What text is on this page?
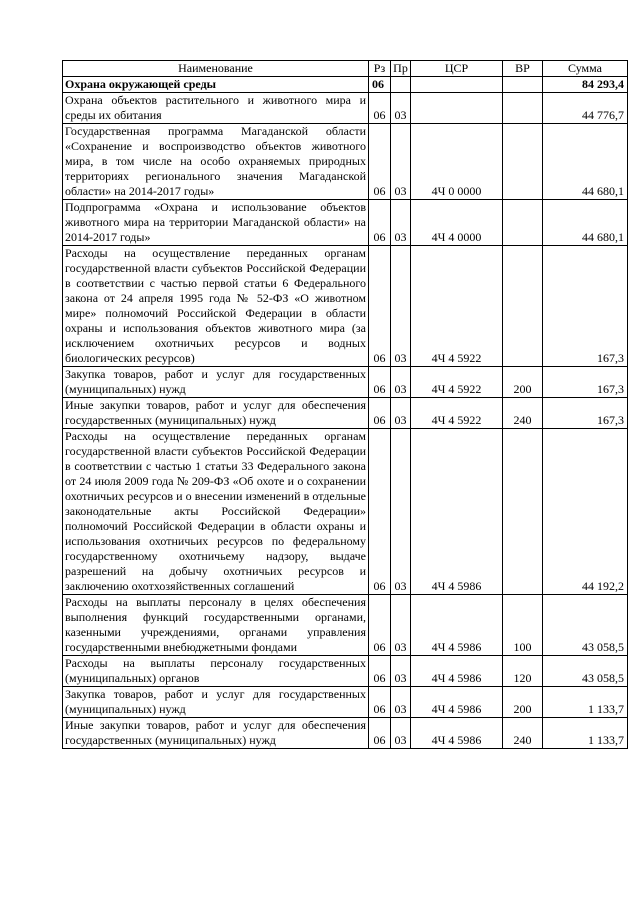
Наименование	Рз	Пр	ЦСР	ВР	Сумма
Охрана окружающей среды	06				84 293,4
Охрана объектов растительного и животного мира и среды их обитания	06	03			44 776,7
Государственная программа Магаданской области «Сохранение и воспроизводство объектов животного мира, в том числе на особо охраняемых природных территориях регионального значения Магаданской области» на 2014-2017 годы»	06	03	4Ч 0 0000		44 680,1
Подпрограмма «Охрана и использование объектов животного мира на территории Магаданской области» на 2014-2017 годы»	06	03	4Ч 4 0000		44 680,1
Расходы на осуществление переданных органам государственной власти субъектов Российской Федерации в соответствии с частью первой статьи 6 Федерального закона от 24 апреля 1995 года № 52-ФЗ «О животном мире» полномочий Российской Федерации в области охраны и использования объектов животного мира (за исключением охотничьих ресурсов и водных биологических ресурсов)	06	03	4Ч 4 5922		167,3
Закупка товаров, работ и услуг для государственных (муниципальных) нужд	06	03	4Ч 4 5922	200	167,3
Иные закупки товаров, работ и услуг для обеспечения государственных (муниципальных) нужд	06	03	4Ч 4 5922	240	167,3
Расходы на осуществление переданных органам государственной власти субъектов Российской Федерации в соответствии с частью 1 статьи 33 Федерального закона от 24 июля 2009 года № 209-ФЗ «Об охоте и о сохранении охотничьих ресурсов и о внесении изменений в отдельные законодательные акты Российской Федерации» полномочий Российской Федерации в области охраны и использования охотничьих ресурсов по федеральному государственному охотничьему надзору, выдаче разрешений на добычу охотничьих ресурсов и заключению охотхозяйственных соглашений	06	03	4Ч 4 5986		44 192,2
Расходы на выплаты персоналу в целях обеспечения выполнения функций государственными органами, казенными учреждениями, органами управления государственными внебюджетными фондами	06	03	4Ч 4 5986	100	43 058,5
Расходы на выплаты персоналу государственных (муниципальных) органов	06	03	4Ч 4 5986	120	43 058,5
Закупка товаров, работ и услуг для государственных (муниципальных) нужд	06	03	4Ч 4 5986	200	1 133,7
Иные закупки товаров, работ и услуг для обеспечения государственных (муниципальных) нужд	06	03	4Ч 4 5986	240	1 133,7
